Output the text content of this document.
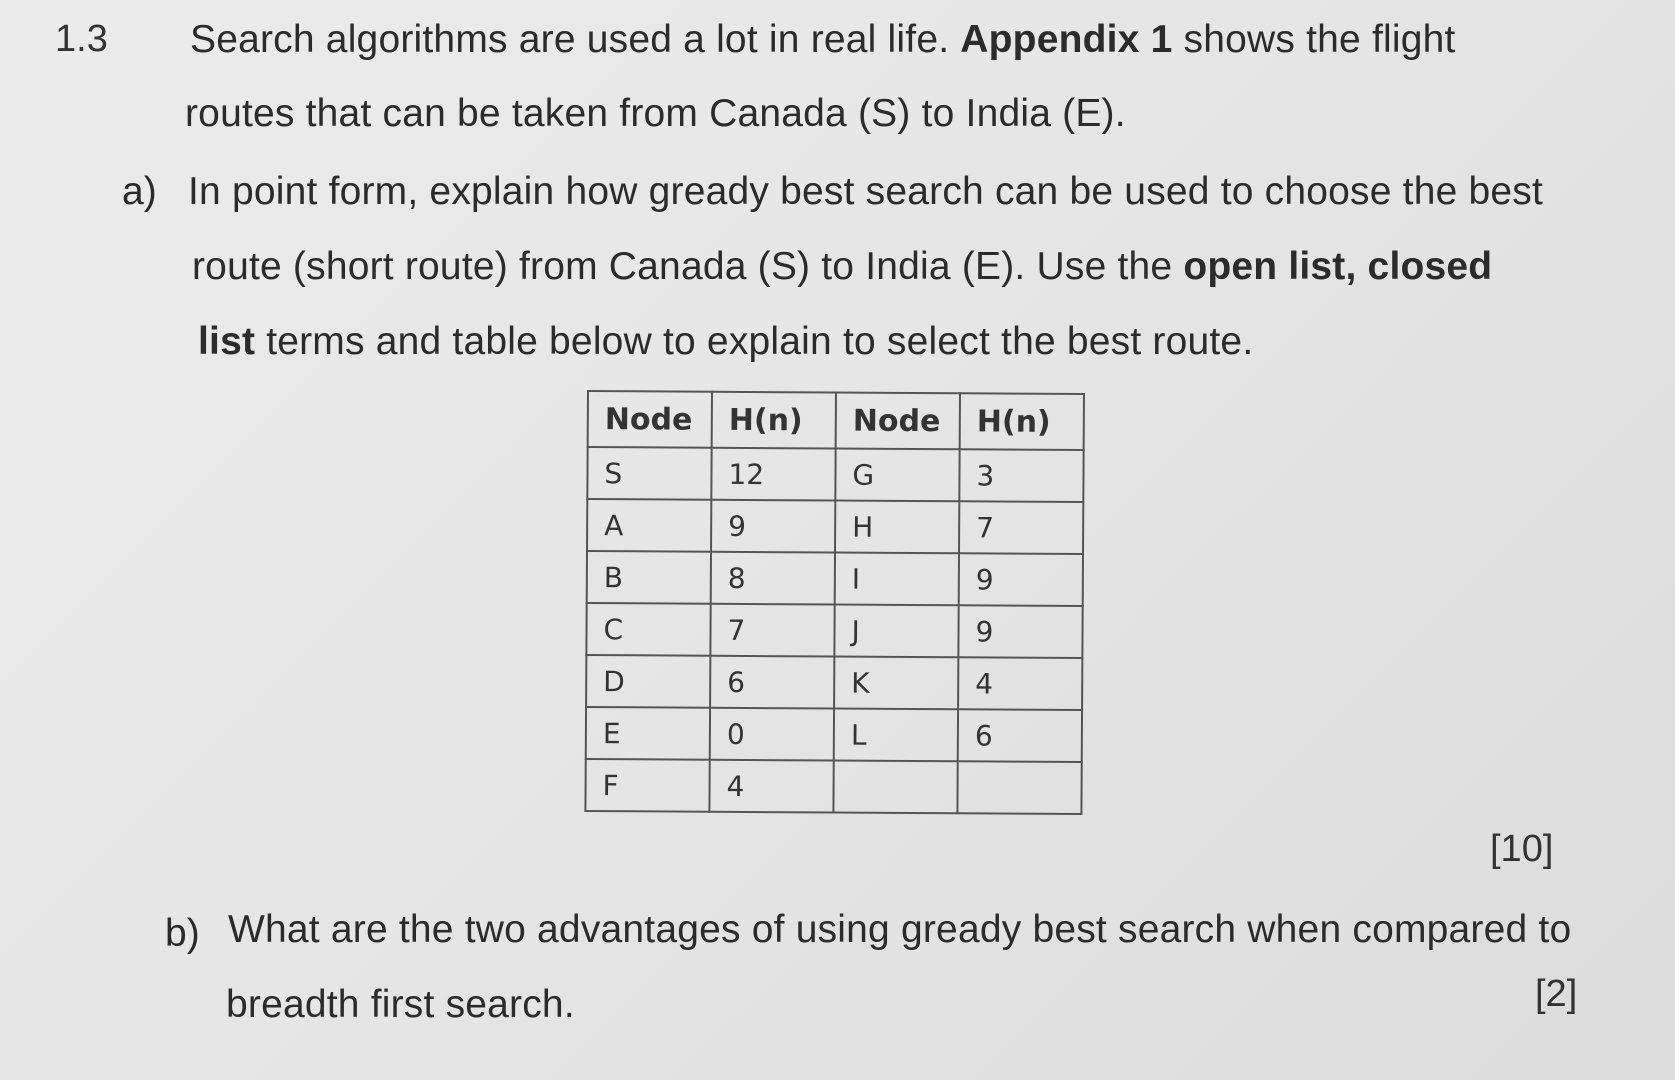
1.3 Search algorithms are used a lot in real life. Appendix 1 shows the flight
routes that can be taken from Canada (S) to India (E).
a) In point form, explain how gready best search can be used to choose the best
route (short route) from Canada (S) to India (E). Use the open list, closed
list terms and table below to explain to select the best route.
Node	H(n)	Node	H(n)
S	12	G	3
A	9	H	7
B	8	I	9
C	7	J	9
D	6	K	4
E	0	L	6
F	4		
[10]
b) What are the two advantages of using gready best search when compared to
breadth first search.	[2]
